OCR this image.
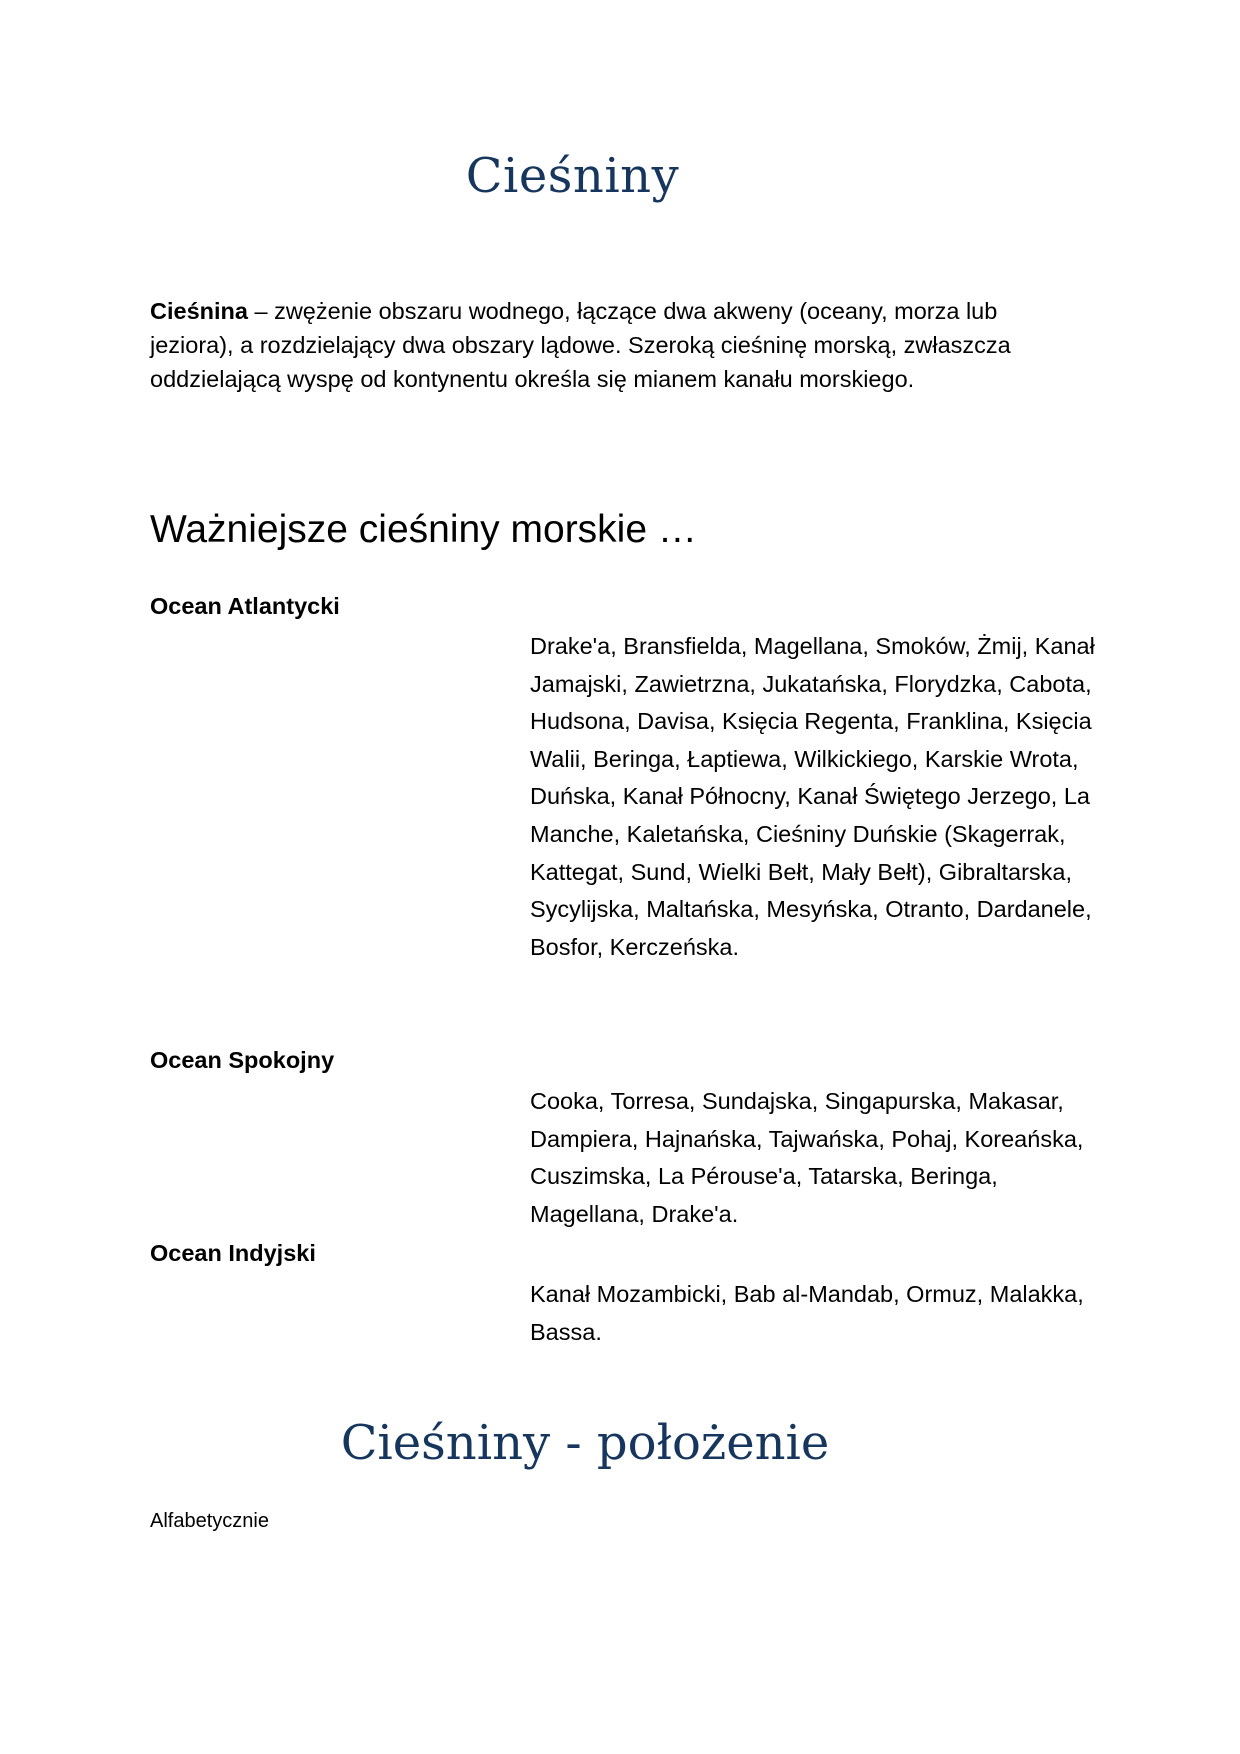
Cieśniny

Cieśnina – zwężenie obszaru wodnego, łączące dwa akweny (oceany, morza lub jeziora), a rozdzielający dwa obszary lądowe. Szeroką cieśninę morską, zwłaszcza oddzielającą wyspę od kontynentu określa się mianem kanału morskiego.

Ważniejsze cieśniny morskie …

Ocean Atlantycki

Drake'a, Bransfielda, Magellana, Smoków, Żmij, Kanał Jamajski, Zawietrzna, Jukatańska, Florydzka, Cabota, Hudsona, Davisa, Księcia Regenta, Franklina, Księcia Walii, Beringa, Łaptiewa, Wilkickiego, Karskie Wrota, Duńska, Kanał Północny, Kanał Świętego Jerzego, La Manche, Kaletańska, Cieśniny Duńskie (Skagerrak, Kattegat, Sund, Wielki Bełt, Mały Bełt), Gibraltarska, Sycylijska, Maltańska, Mesyńska, Otranto, Dardanele, Bosfor, Kerczeńska.

Ocean Spokojny

Cooka, Torresa, Sundajska, Singapurska, Makasar, Dampiera, Hajnańska, Tajwańska, Pohaj, Koreańska, Cuszimska, La Pérouse'a, Tatarska, Beringa, Magellana, Drake'a.

Ocean Indyjski

Kanał Mozambicki, Bab al-Mandab, Ormuz, Malakka, Bassa.

Cieśniny - położenie

Alfabetycznie
